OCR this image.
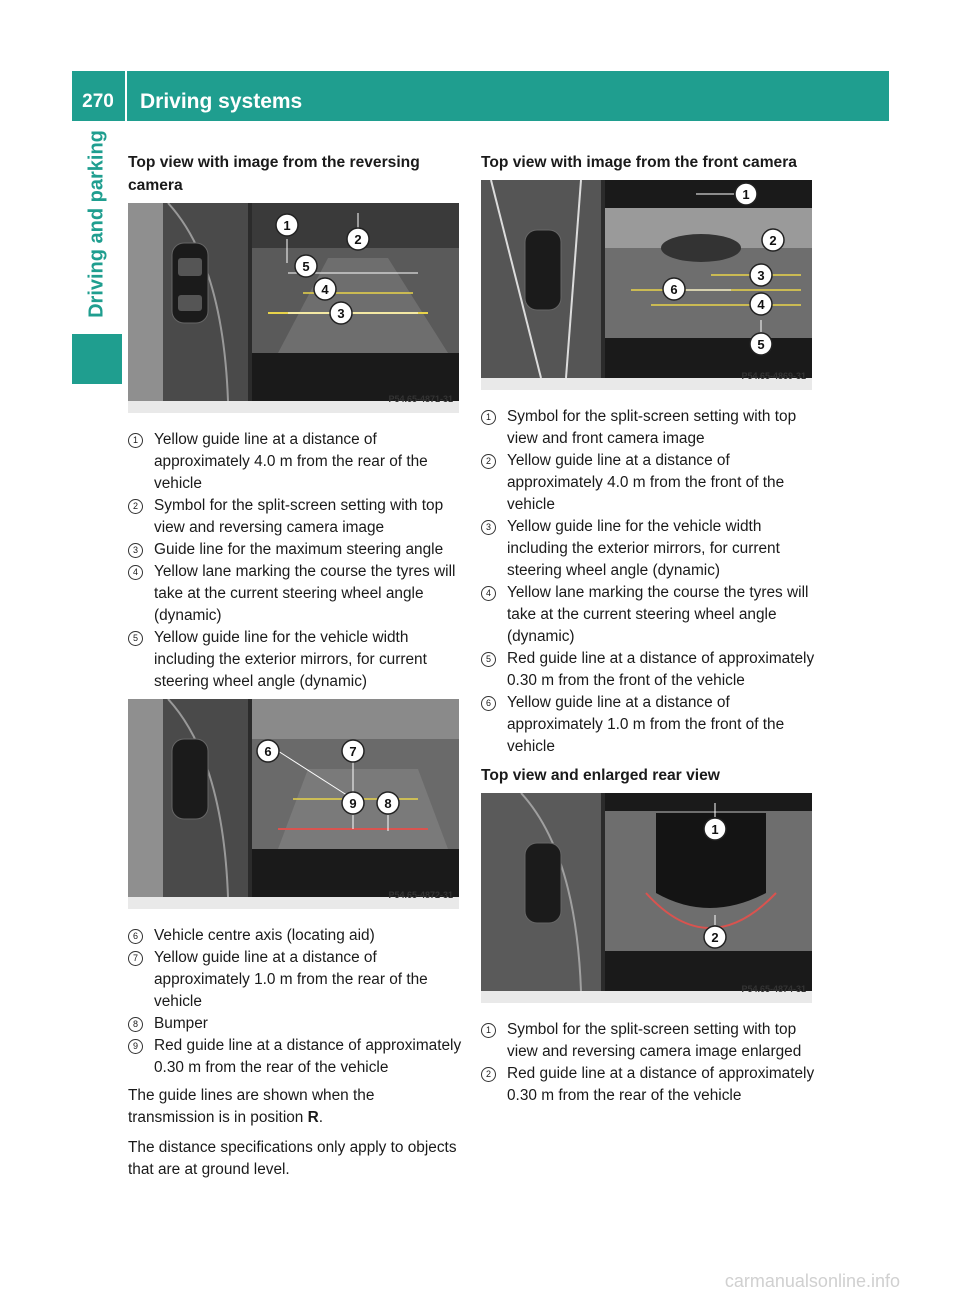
270	Driving systems
Driving and parking Top view with image from the reversing camera
1
2
3
4
5
P54.65-4871-31
1	Yellow guide line at a distance of approximately 4.0 m from the rear of the vehicle
2	Symbol for the split-screen setting with top view and reversing camera image
3	Guide line for the maximum steering angle
4	Yellow lane marking the course the tyres will take at the current steering wheel angle (dynamic)
5	Yellow guide line for the vehicle width including the exterior mirrors, for current steering wheel angle (dynamic)
6	7
8
9
P54.65-4872-31
6	Vehicle centre axis (locating aid)
7	Yellow guide line at a distance of approximately 1.0 m from the rear of the vehicle
8	Bumper
9	Red guide line at a distance of approximately 0.30 m from the rear of the vehicle

The guide lines are shown when the transmission is in position R.

The distance specifications only apply to objects that are at ground level.

Top view with image from the front camera
1
2
3
4
5
6
P54.65-4869-31
1	Symbol for the split-screen setting with top view and front camera image
2	Yellow guide line at a distance of approximately 4.0 m from the front of the vehicle
3	Yellow guide line for the vehicle width including the exterior mirrors, for current steering wheel angle (dynamic)
4	Yellow lane marking the course the tyres will take at the current steering wheel angle (dynamic)
5	Red guide line at a distance of approximately 0.30 m from the front of the vehicle
6	Yellow guide line at a distance of approximately 1.0 m from the front of the vehicle
Top view and enlarged rear view
1
2
P54.65-4874-31
1	Symbol for the split-screen setting with top view and reversing camera image enlarged
2	Red guide line at a distance of approximately 0.30 m from the rear of the vehicle
carmanualsonline.info
